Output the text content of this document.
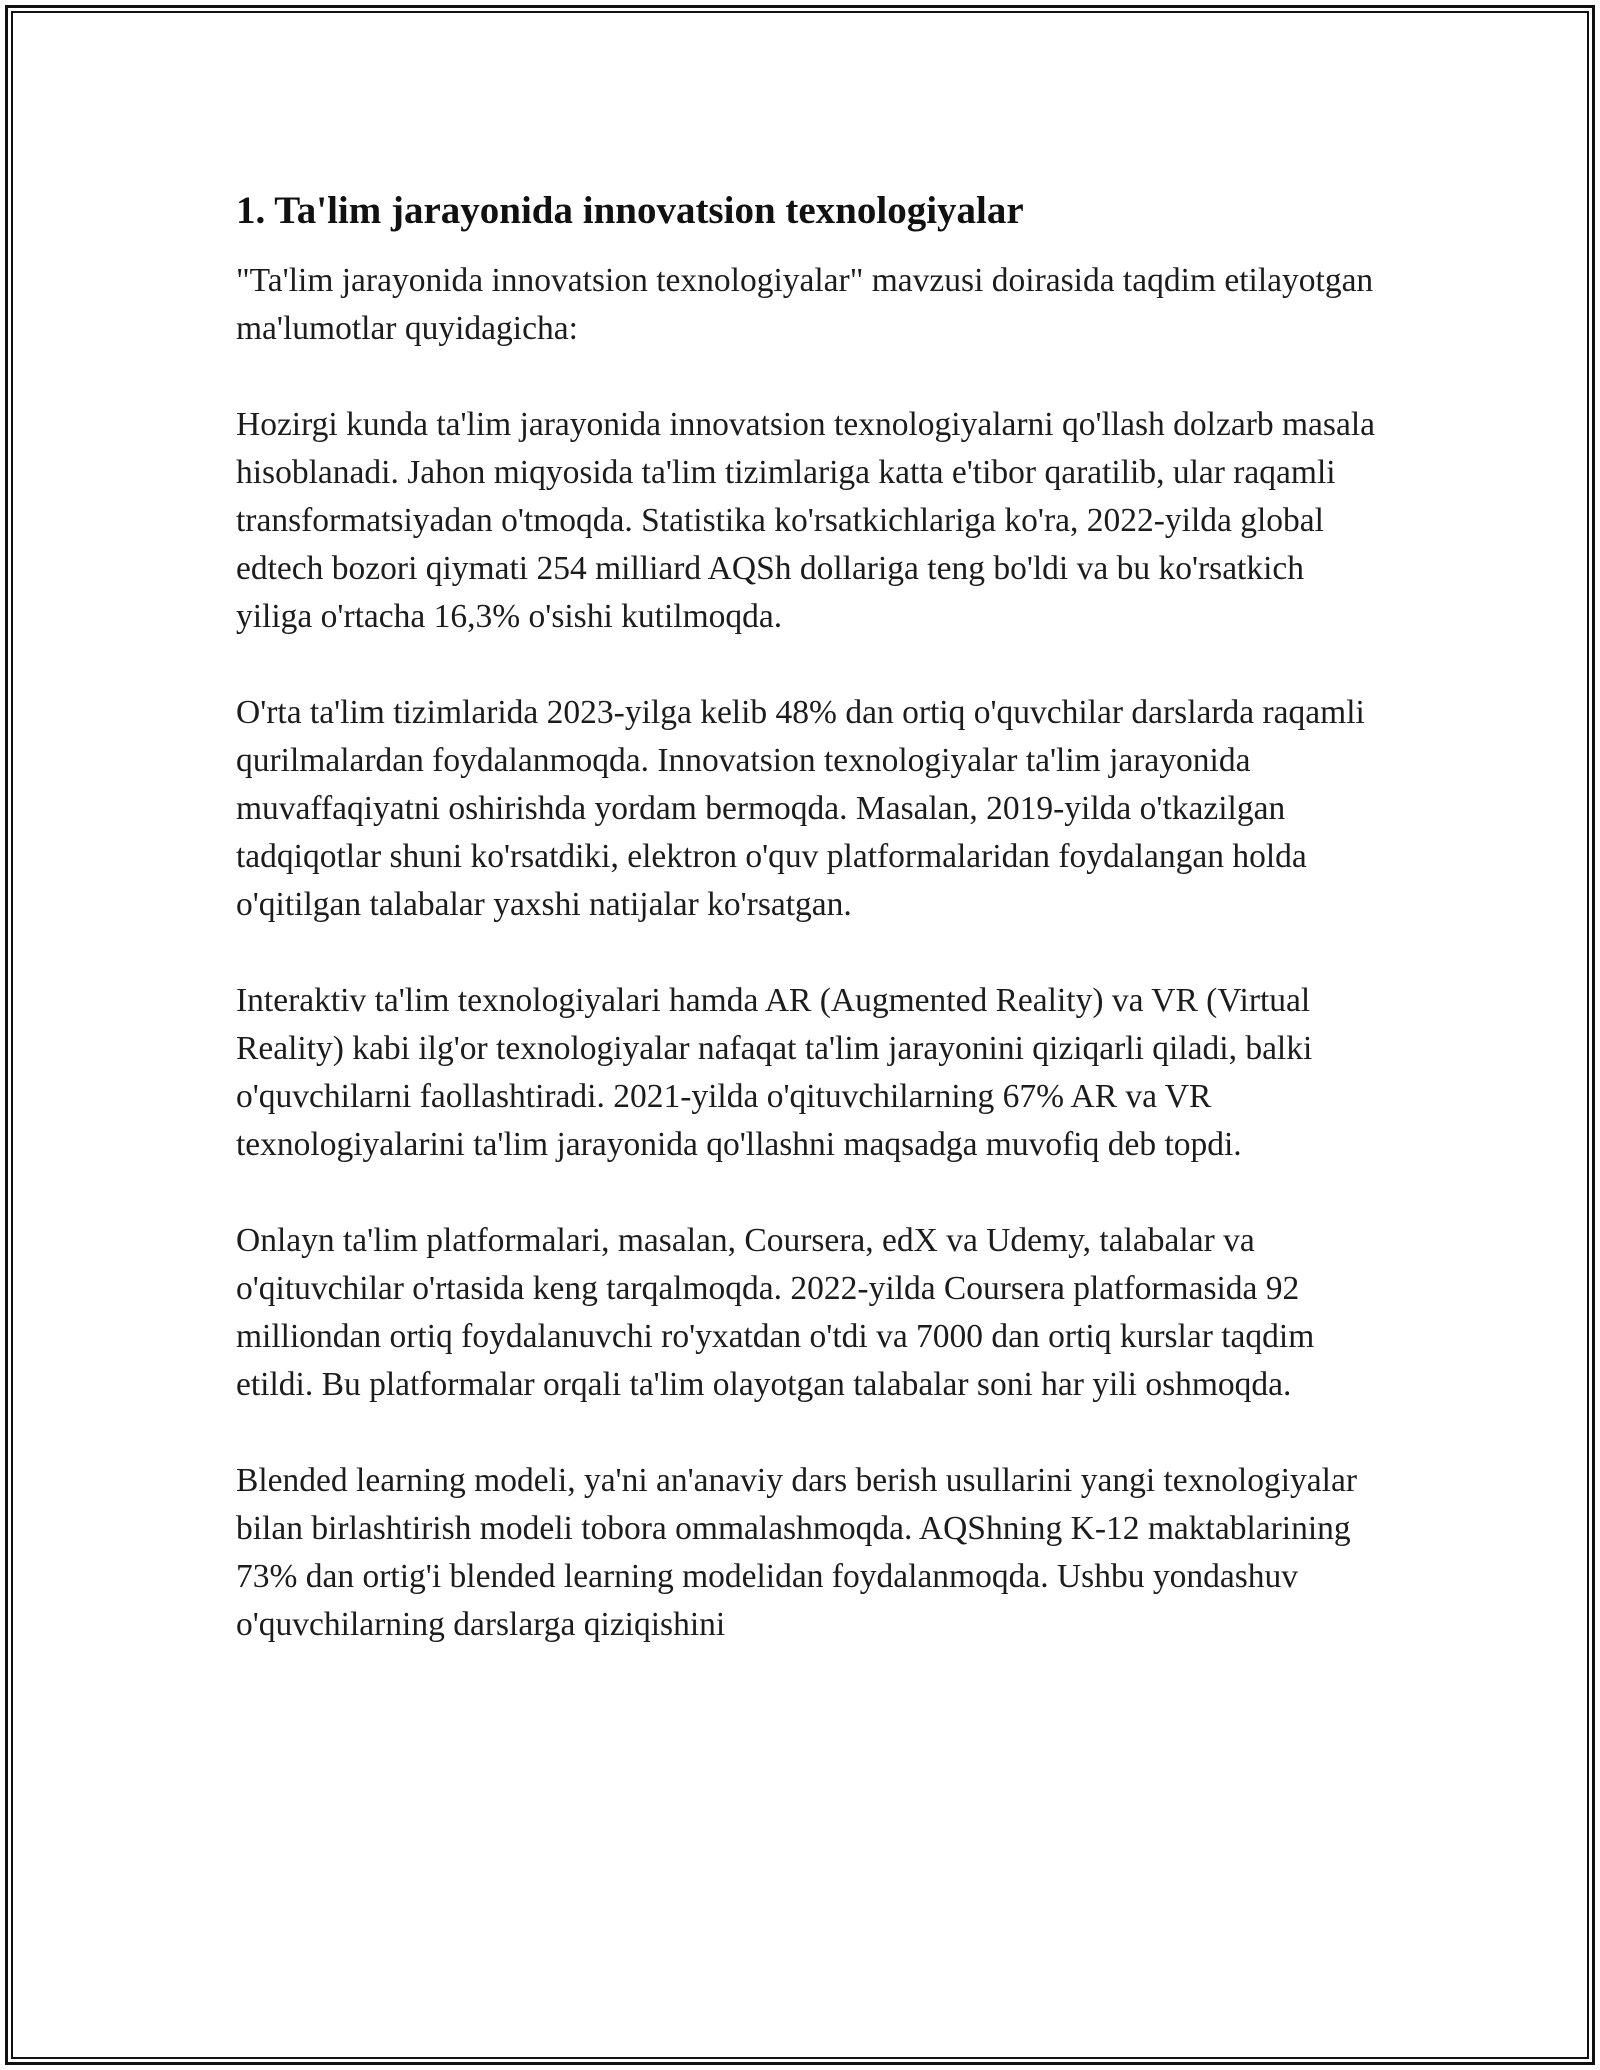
1. Ta'lim jarayonida innovatsion texnologiyalar

"Ta'lim jarayonida innovatsion texnologiyalar" mavzusi doirasida taqdim etilayotgan ma'lumotlar quyidagicha:

Hozirgi kunda ta'lim jarayonida innovatsion texnologiyalarni qo'llash dolzarb masala hisoblanadi. Jahon miqyosida ta'lim tizimlariga katta e'tibor qaratilib, ular raqamli transformatsiyadan o'tmoqda. Statistika ko'rsatkichlariga ko'ra, 2022-yilda global edtech bozori qiymati 254 milliard AQSh dollariga teng bo'ldi va bu ko'rsatkich yiliga o'rtacha 16,3% o'sishi kutilmoqda.

O'rta ta'lim tizimlarida 2023-yilga kelib 48% dan ortiq o'quvchilar darslarda raqamli qurilmalardan foydalanmoqda. Innovatsion texnologiyalar ta'lim jarayonida muvaffaqiyatni oshirishda yordam bermoqda. Masalan, 2019-yilda o'tkazilgan tadqiqotlar shuni ko'rsatdiki, elektron o'quv platformalaridan foydalangan holda o'qitilgan talabalar yaxshi natijalar ko'rsatgan.

Interaktiv ta'lim texnologiyalari hamda AR (Augmented Reality) va VR (Virtual Reality) kabi ilg'or texnologiyalar nafaqat ta'lim jarayonini qiziqarli qiladi, balki o'quvchilarni faollashtiradi. 2021-yilda o'qituvchilarning 67% AR va VR texnologiyalarini ta'lim jarayonida qo'llashni maqsadga muvofiq deb topdi.

Onlayn ta'lim platformalari, masalan, Coursera, edX va Udemy, talabalar va o'qituvchilar o'rtasida keng tarqalmoqda. 2022-yilda Coursera platformasida 92 milliondan ortiq foydalanuvchi ro'yxatdan o'tdi va 7000 dan ortiq kurslar taqdim etildi. Bu platformalar orqali ta'lim olayotgan talabalar soni har yili oshmoqda.

Blended learning modeli, ya'ni an'anaviy dars berish usullarini yangi texnologiyalar bilan birlashtirish modeli tobora ommalashmoqda. AQShning K-12 maktablarining 73% dan ortig'i blended learning modelidan foydalanmoqda. Ushbu yondashuv o'quvchilarning darslarga qiziqishini
